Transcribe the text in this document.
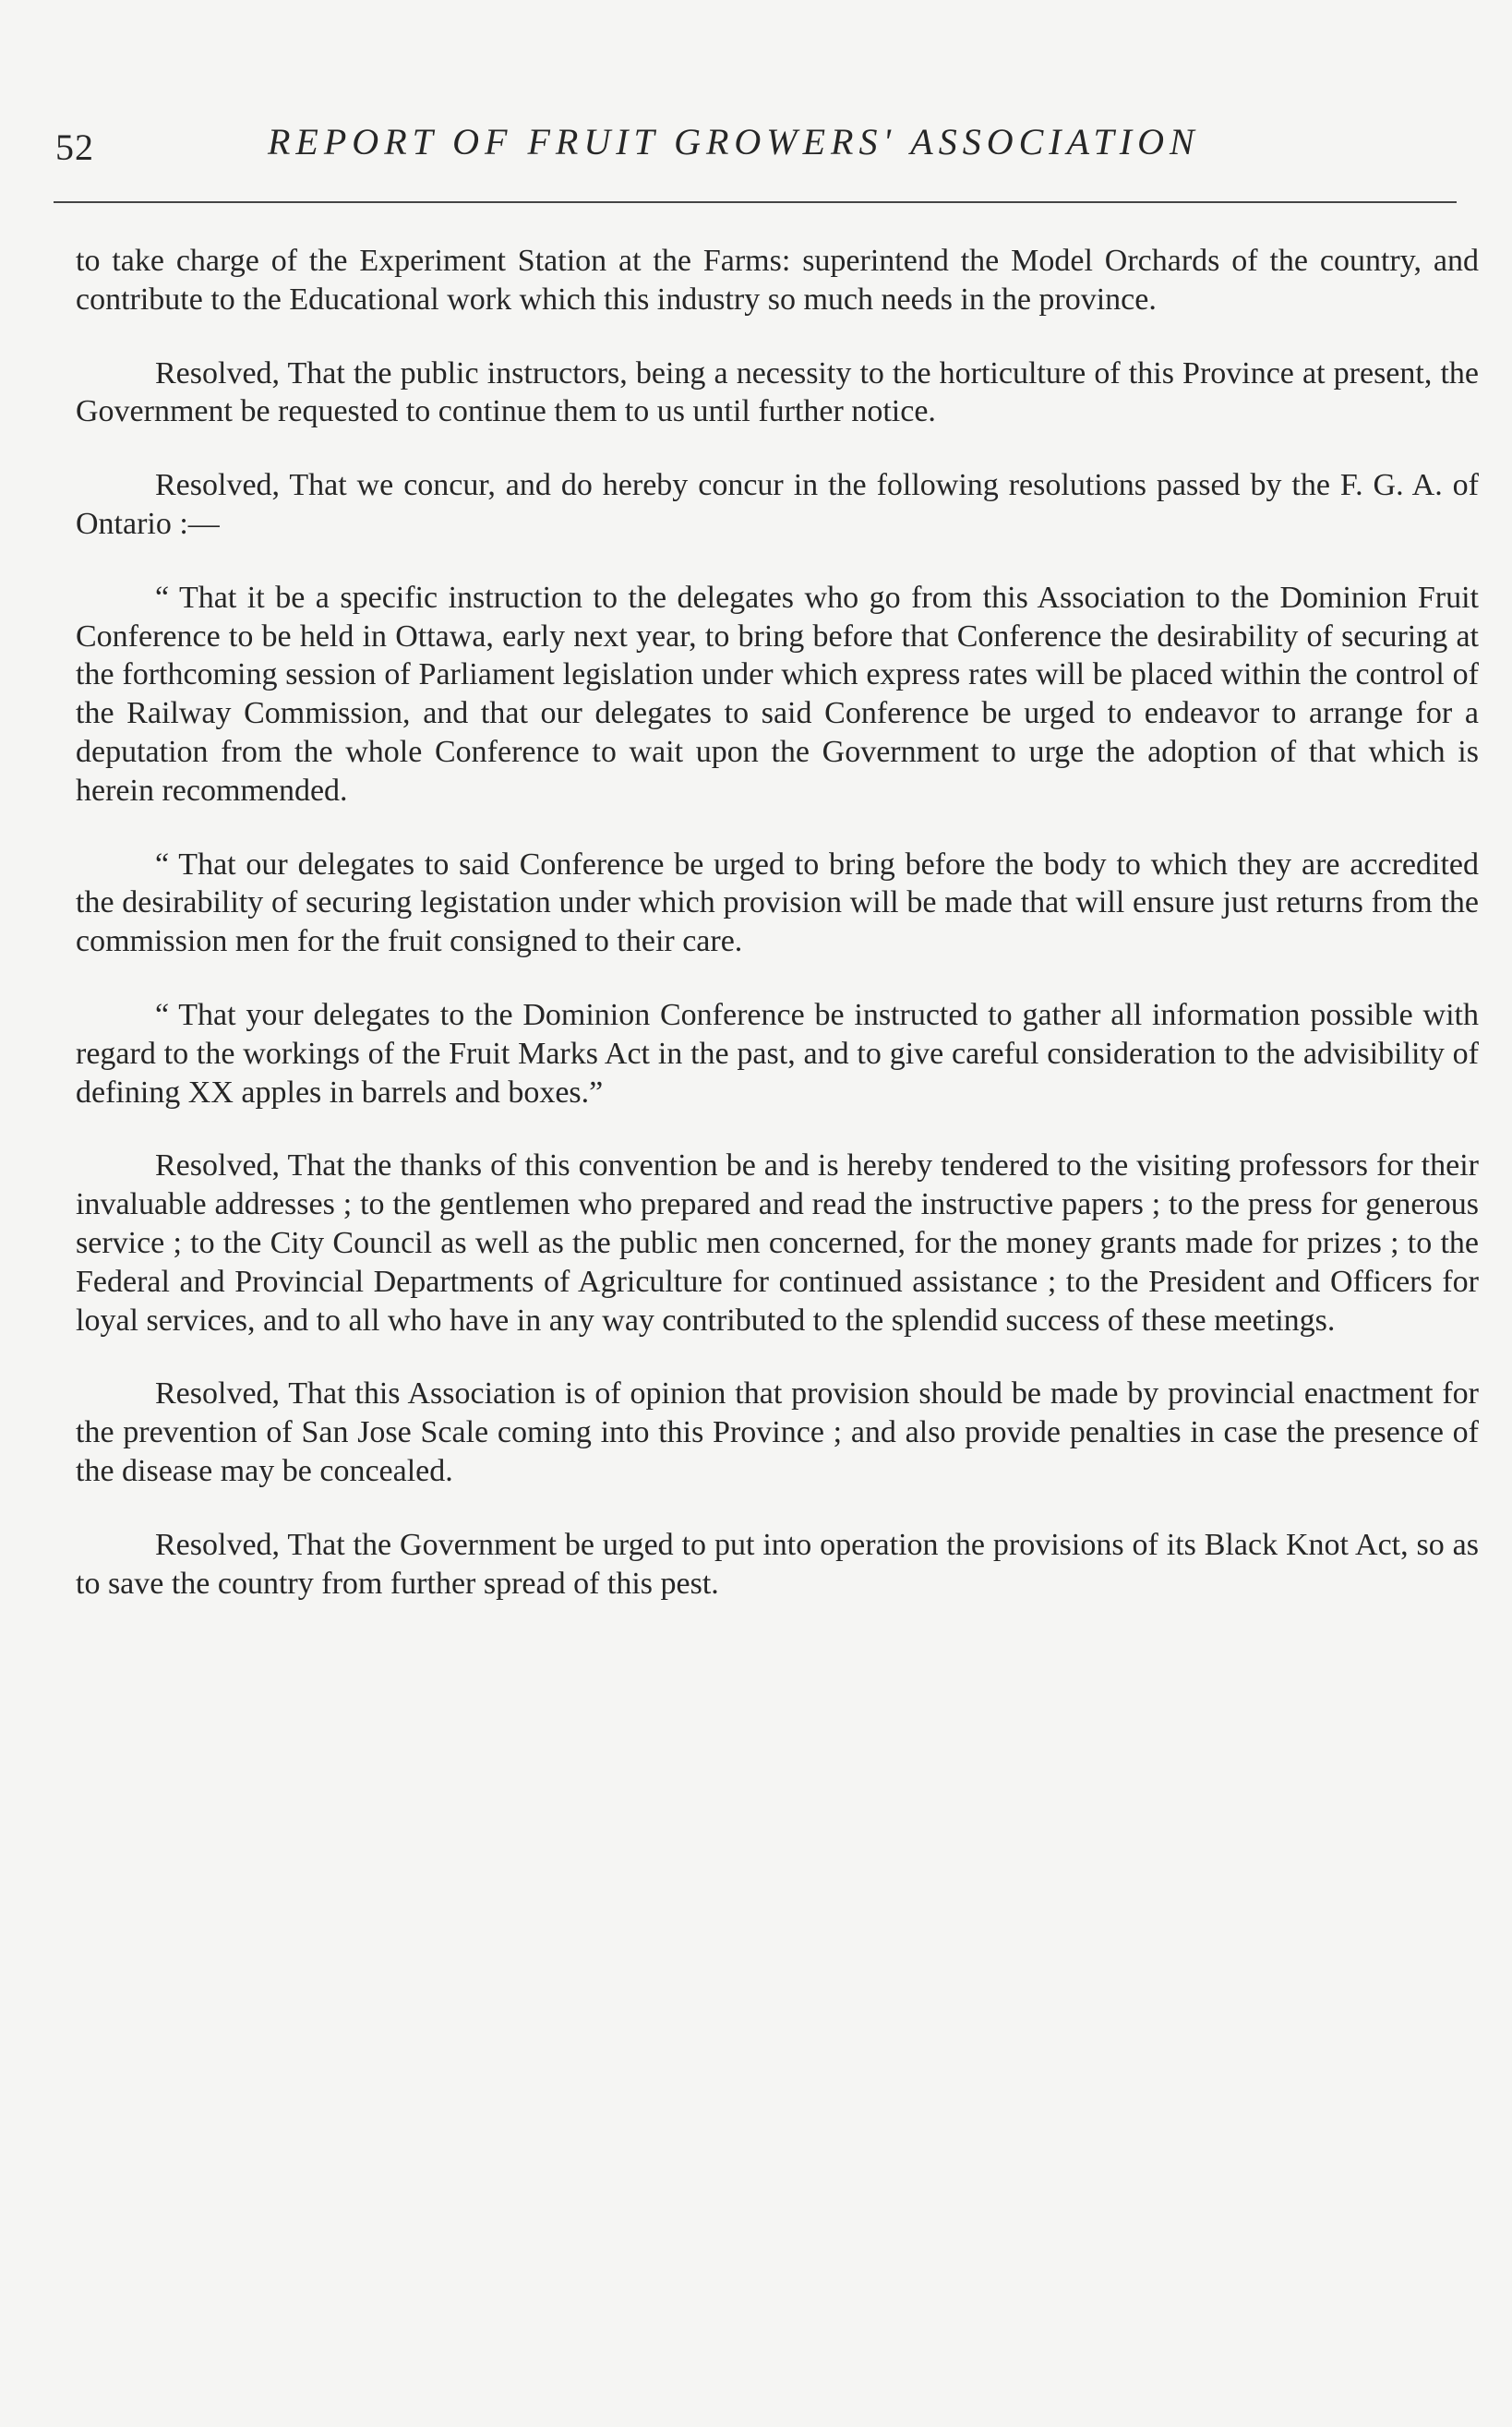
52	REPORT OF FRUIT GROWERS' ASSOCIATION

to take charge of the Experiment Station at the Farms: superintend the Model Orchards of the country, and contribute to the Educational work which this industry so much needs in the province.

Resolved, That the public instructors, being a necessity to the horticulture of this Province at present, the Government be requested to continue them to us until further notice.

Resolved, That we concur, and do hereby concur in the following resolutions passed by the F. G. A. of Ontario :—

“ That it be a specific instruction to the delegates who go from this Association to the Dominion Fruit Conference to be held in Ottawa, early next year, to bring before that Conference the desirability of securing at the forthcoming session of Parliament legislation under which express rates will be placed within the control of the Railway Commission, and that our delegates to said Conference be urged to endeavor to arrange for a deputation from the whole Conference to wait upon the Government to urge the adoption of that which is herein recommended.

“ That our delegates to said Conference be urged to bring before the body to which they are accredited the desirability of securing legistation under which provision will be made that will ensure just returns from the commission men for the fruit consigned to their care.

“ That your delegates to the Dominion Conference be instructed to gather all information possible with regard to the workings of the Fruit Marks Act in the past, and to give careful consideration to the advisibility of defining XX apples in barrels and boxes.”

Resolved, That the thanks of this convention be and is hereby tendered to the visiting professors for their invaluable addresses ; to the gentlemen who prepared and read the instructive papers ; to the press for generous service ; to the City Council as well as the public men concerned, for the money grants made for prizes ; to the Federal and Provincial Departments of Agriculture for continued assistance ; to the President and Officers for loyal services, and to all who have in any way contributed to the splendid success of these meetings.

Resolved, That this Association is of opinion that provision should be made by provincial enactment for the prevention of San Jose Scale coming into this Province ; and also provide penalties in case the presence of the disease may be concealed.

Resolved, That the Government be urged to put into operation the provisions of its Black Knot Act, so as to save the country from further spread of this pest.
